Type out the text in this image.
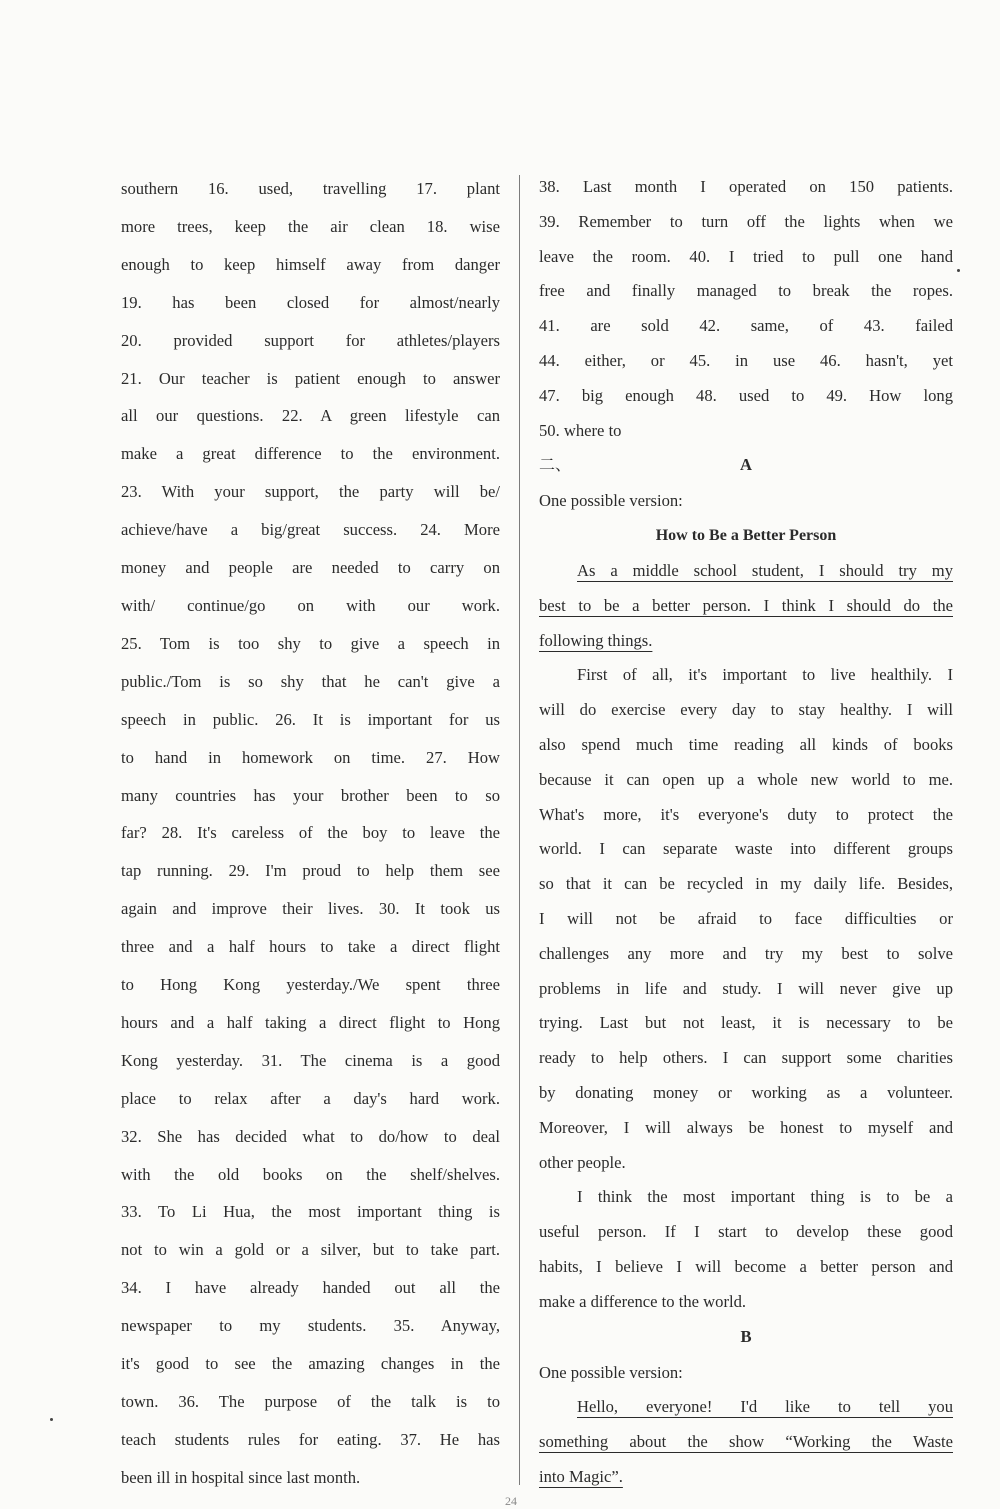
southern 16. used, travelling 17. plant
more trees, keep the air clean 18. wise
enough to keep himself away from danger
19. has been closed for almost/nearly
20. provided support for athletes/players
21. Our teacher is patient enough to answer
all our questions. 22. A green lifestyle can
make a great difference to the environment.
23. With your support, the party will be/
achieve/have a big/great success. 24. More
money and people are needed to carry on
with/ continue/go on with our work.
25. Tom is too shy to give a speech in
public./Tom is so shy that he can't give a
speech in public. 26. It is important for us
to hand in homework on time. 27. How
many countries has your brother been to so
far? 28. It's careless of the boy to leave the
tap running. 29. I'm proud to help them see
again and improve their lives. 30. It took us
three and a half hours to take a direct flight
to Hong Kong yesterday./We spent three
hours and a half taking a direct flight to Hong
Kong yesterday. 31. The cinema is a good
place to relax after a day's hard work.
32. She has decided what to do/how to deal
with the old books on the shelf/shelves.
33. To Li Hua, the most important thing is
not to win a gold or a silver, but to take part.
34. I have already handed out all the
newspaper to my students. 35. Anyway,
it's good to see the amazing changes in the
town. 36. The purpose of the talk is to
teach students rules for eating. 37. He has
been ill in hospital since last month.
38. Last month I operated on 150 patients.
39. Remember to turn off the lights when we
leave the room. 40. I tried to pull one hand
free and finally managed to break the ropes.
41. are sold 42. same, of 43. failed
44. either, or 45. in use 46. hasn't, yet
47. big enough 48. used to 49. How long
50. where to
二、	A
One possible version:
How to Be a Better Person
As a middle school student, I should try my
best to be a better person. I think I should do the
following things.
First of all, it's important to live healthily. I
will do exercise every day to stay healthy. I will
also spend much time reading all kinds of books
because it can open up a whole new world to me.
What's more, it's everyone's duty to protect the
world. I can separate waste into different groups
so that it can be recycled in my daily life. Besides,
I will not be afraid to face difficulties or
challenges any more and try my best to solve
problems in life and study. I will never give up
trying. Last but not least, it is necessary to be
ready to help others. I can support some charities
by donating money or working as a volunteer.
Moreover, I will always be honest to myself and
other people.
I think the most important thing is to be a
useful person. If I start to develop these good
habits, I believe I will become a better person and
make a difference to the world.
B
One possible version:
Hello, everyone! I'd like to tell you
something about the show “Working the Waste
into Magic”.
24
